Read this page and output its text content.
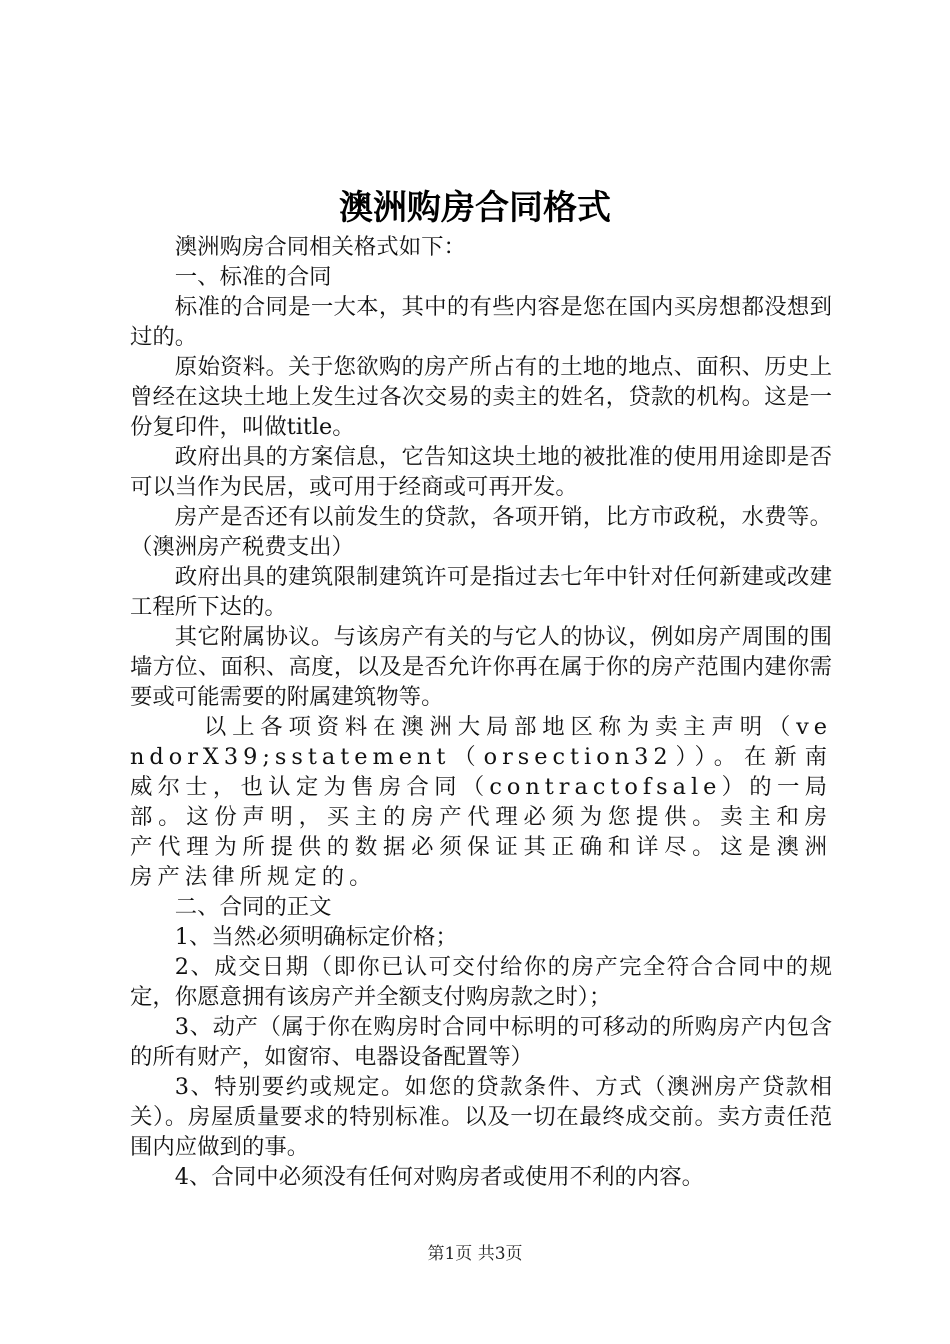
澳洲购房合同格式

澳洲购房合同相关格式如下：

一、标准的合同

标准的合同是一大本，其中的有些内容是您在国内买房想都没想到过的。

原始资料。关于您欲购的房产所占有的土地的地点、面积、历史上曾经在这块土地上发生过各次交易的卖主的姓名，贷款的机构。这是一份复印件，叫做title。

政府出具的方案信息，它告知这块土地的被批准的使用用途即是否可以当作为民居，或可用于经商或可再开发。

房产是否还有以前发生的贷款，各项开销，比方市政税，水费等。（澳洲房产税费支出）

政府出具的建筑限制建筑许可是指过去七年中针对任何新建或改建工程所下达的。

其它附属协议。与该房产有关的与它人的协议，例如房产周围的围墙方位、面积、高度，以及是否允许你再在属于你的房产范围内建你需要或可能需要的附属建筑物等。

以上各项资料在澳洲大局部地区称为卖主声明（vendorX39;sstatement（orsection32））。在新南威尔士，也认定为售房合同（contractofsale）的一局部。这份声明，买主的房产代理必须为您提供。卖主和房产代理为所提供的数据必须保证其正确和详尽。这是澳洲房产法律所规定的。

二、合同的正文

1、当然必须明确标定价格；

2、成交日期（即你已认可交付给你的房产完全符合合同中的规定，你愿意拥有该房产并全额支付购房款之时）；

3、动产（属于你在购房时合同中标明的可移动的所购房产内包含的所有财产，如窗帘、电器设备配置等）

3、特别要约或规定。如您的贷款条件、方式（澳洲房产贷款相关）。房屋质量要求的特别标准。以及一切在最终成交前。卖方责任范围内应做到的事。

4、合同中必须没有任何对购房者或使用不利的内容。

第1页 共3页
